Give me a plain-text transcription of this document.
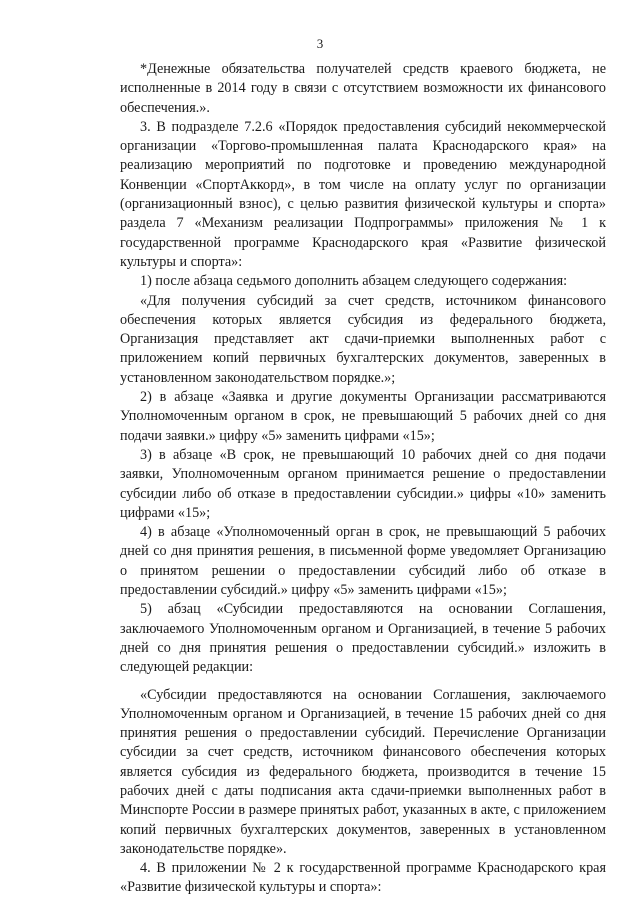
3

*Денежные обязательства получателей средств краевого бюджета, не исполненные в 2014 году в связи с отсутствием возможности их финансового обеспечения.».

3. В подразделе 7.2.6 «Порядок предоставления субсидий некоммерческой организации «Торгово-промышленная палата Краснодарского края» на реализацию мероприятий по подготовке и проведению международной Конвенции «СпортАккорд», в том числе на оплату услуг по организации (организационный взнос), с целью развития физической культуры и спорта» раздела 7 «Механизм реализации Подпрограммы» приложения № 1 к государственной программе Краснодарского края «Развитие физической культуры и спорта»:

1) после абзаца седьмого дополнить абзацем следующего содержания:

«Для получения субсидий за счет средств, источником финансового обеспечения которых является субсидия из федерального бюджета, Организация представляет акт сдачи-приемки выполненных работ с приложением копий первичных бухгалтерских документов, заверенных в установленном законодательством порядке.»;

2) в абзаце «Заявка и другие документы Организации рассматриваются Уполномоченным органом в срок, не превышающий 5 рабочих дней со дня подачи заявки.» цифру «5» заменить цифрами «15»;

3) в абзаце «В срок, не превышающий 10 рабочих дней со дня подачи заявки, Уполномоченным органом принимается решение о предоставлении субсидии либо об отказе в предоставлении субсидии.» цифры «10» заменить цифрами «15»;

4) в абзаце «Уполномоченный орган в срок, не превышающий 5 рабочих дней со дня принятия решения, в письменной форме уведомляет Организацию о принятом решении о предоставлении субсидий либо об отказе в предоставлении субсидий.» цифру «5» заменить цифрами «15»;

5) абзац «Субсидии предоставляются на основании Соглашения, заключаемого Уполномоченным органом и Организацией, в течение 5 рабочих дней со дня принятия решения о предоставлении субсидий.» изложить в следующей редакции:

«Субсидии предоставляются на основании Соглашения, заключаемого Уполномоченным органом и Организацией, в течение 15 рабочих дней со дня принятия решения о предоставлении субсидий. Перечисление Организации субсидии за счет средств, источником финансового обеспечения которых является субсидия из федерального бюджета, производится в течение 15 рабочих дней с даты подписания акта сдачи-приемки выполненных работ в Минспорте России в размере принятых работ, указанных в акте, с приложением копий первичных бухгалтерских документов, заверенных в установленном законодательстве порядке».

4. В приложении № 2 к государственной программе Краснодарского края «Развитие физической культуры и спорта»:
